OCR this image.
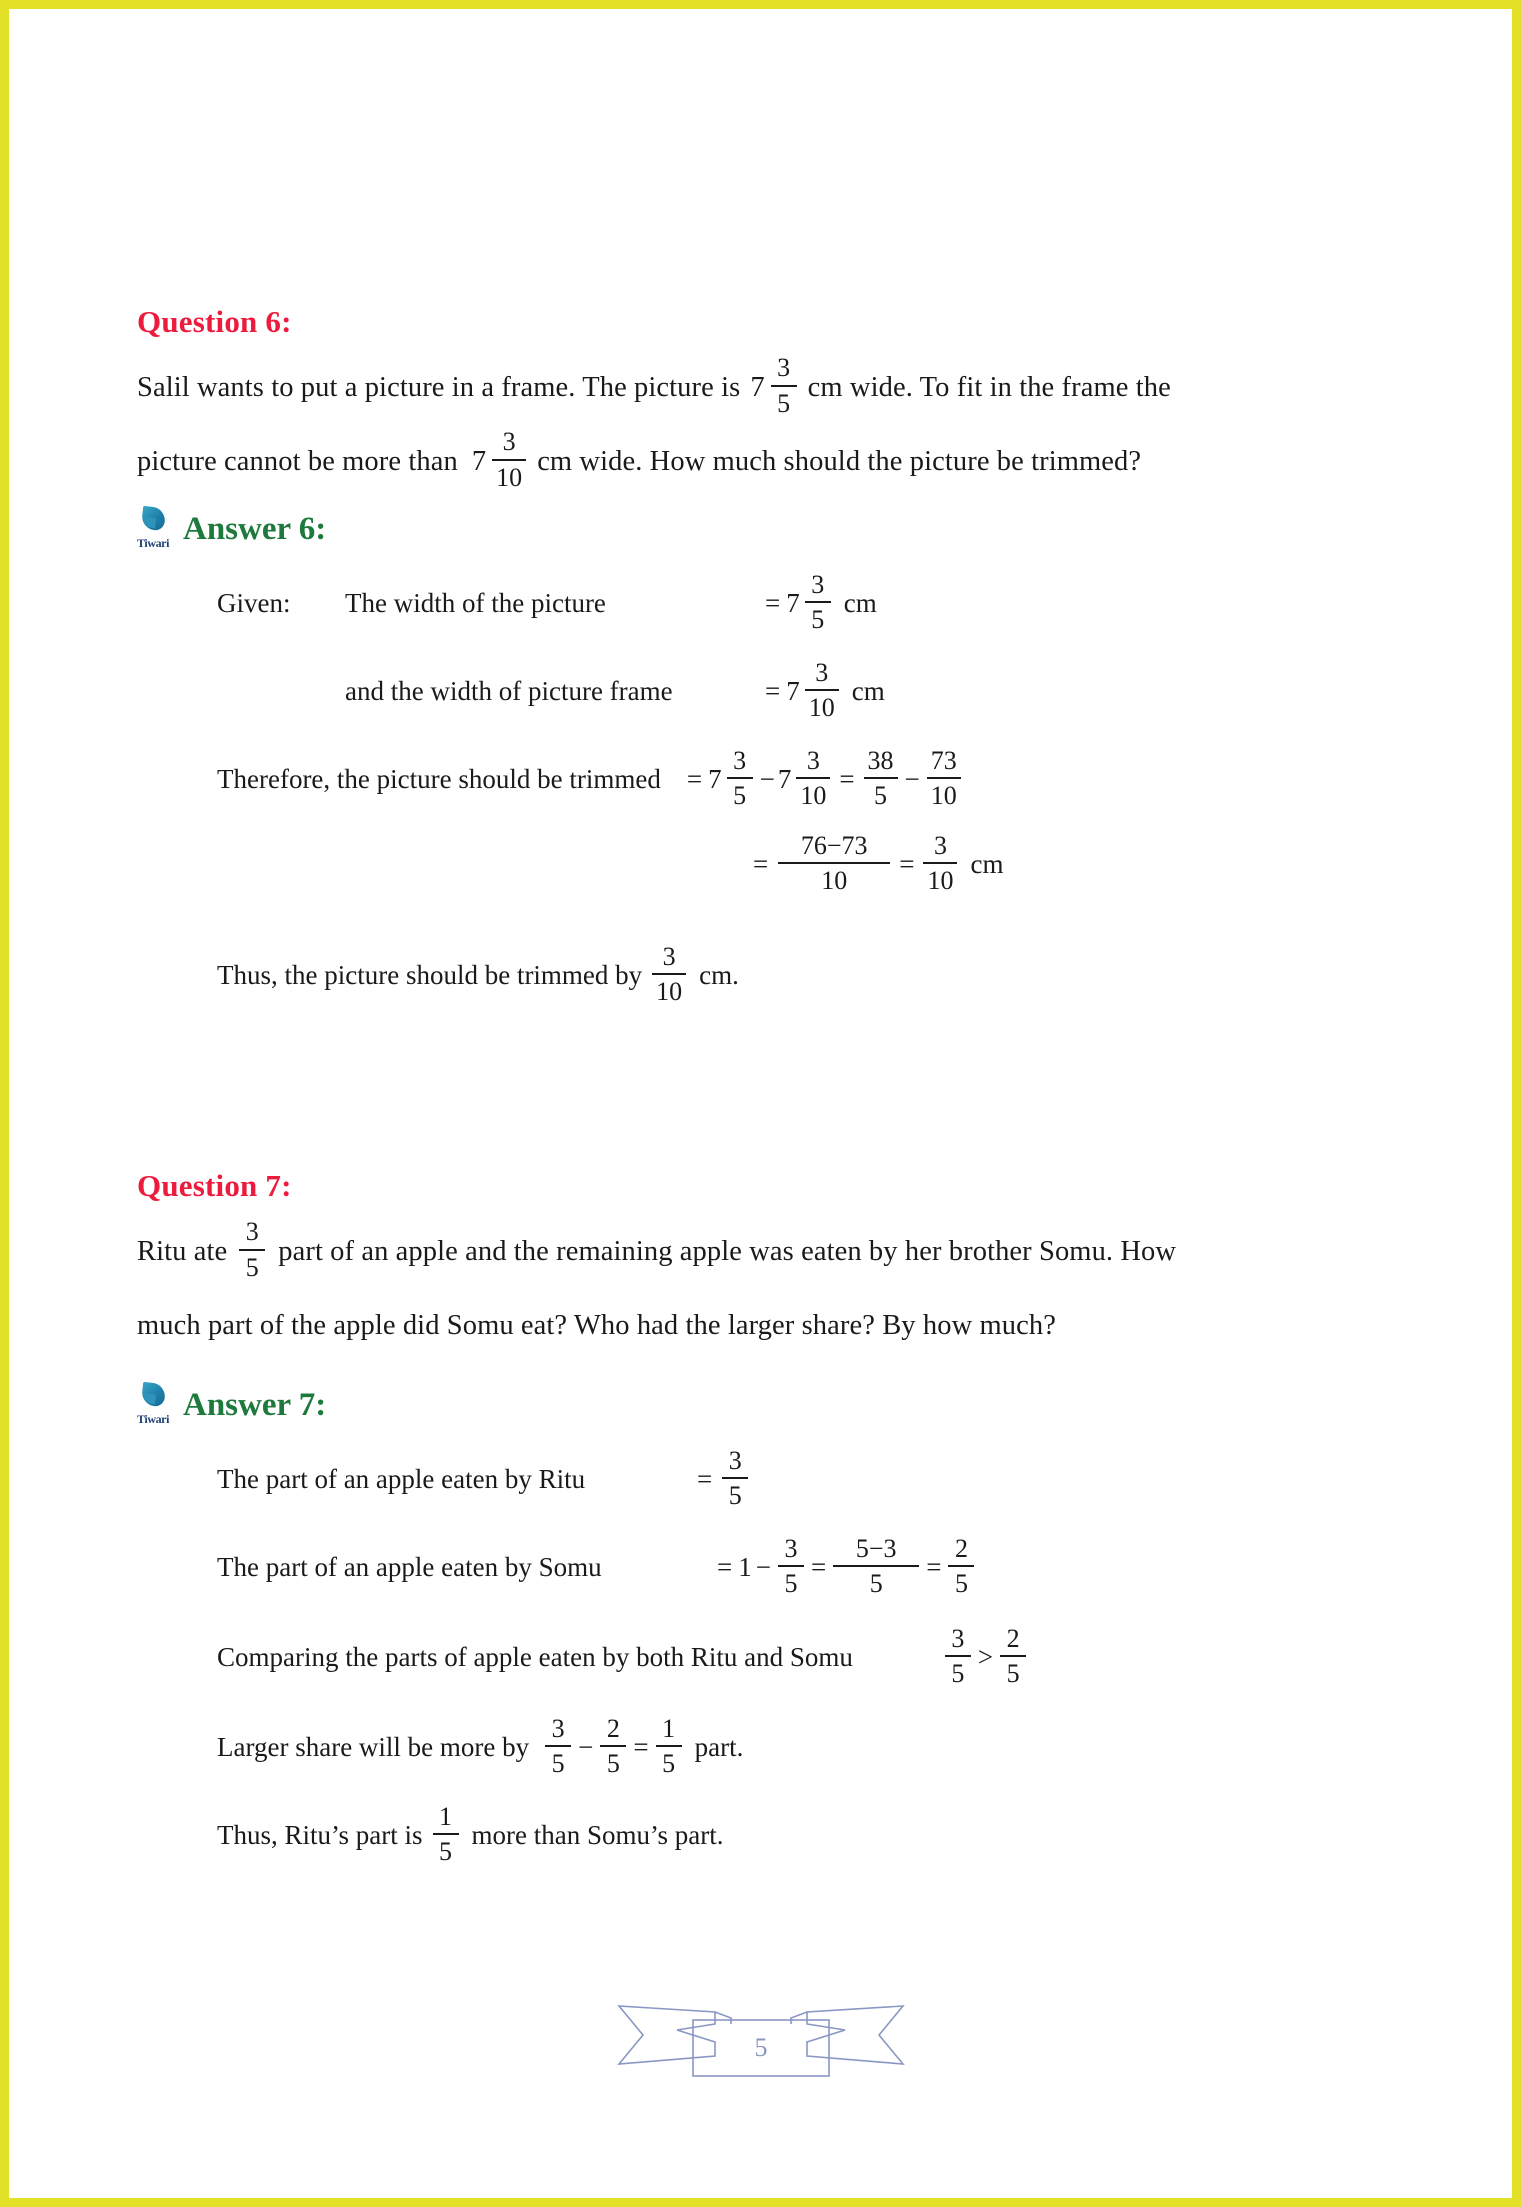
Question 6:
Salil wants to put a picture in a frame. The picture is $7 \frac{3}{5}$ cm wide. To fit in the frame the
picture cannot be more than $7 \frac{3}{10}$ cm wide. How much should the picture be trimmed?
Tiwari Answer 6:
Given:	The width of the picture	= $7 \frac{3}{5}$ cm
and the width of picture frame	= $7 \frac{3}{10}$ cm
Therefore, the picture should be trimmed = $7 \frac{3}{5} - 7 \frac{3}{10} = \frac{38}{5} - \frac{73}{10}$
= $\frac{76-73}{10} = \frac{3}{10}$ cm
Thus, the picture should be trimmed by $\frac{3}{10}$ cm.
Question 7:
Ritu ate $\frac{3}{5}$ part of an apple and the remaining apple was eaten by her brother Somu. How
much part of the apple did Somu eat? Who had the larger share? By how much?
Tiwari Answer 7:
The part of an apple eaten by Ritu	= $\frac{3}{5}$
The part of an apple eaten by Somu	= $1 - \frac{3}{5} = \frac{5-3}{5} = \frac{2}{5}$
Comparing the parts of apple eaten by both Ritu and Somu	$\frac{3}{5} > \frac{2}{5}$
Larger share will be more by $\frac{3}{5} - \frac{2}{5} = \frac{1}{5}$ part.
Thus, Ritu’s part is $\frac{1}{5}$ more than Somu’s part.
5
